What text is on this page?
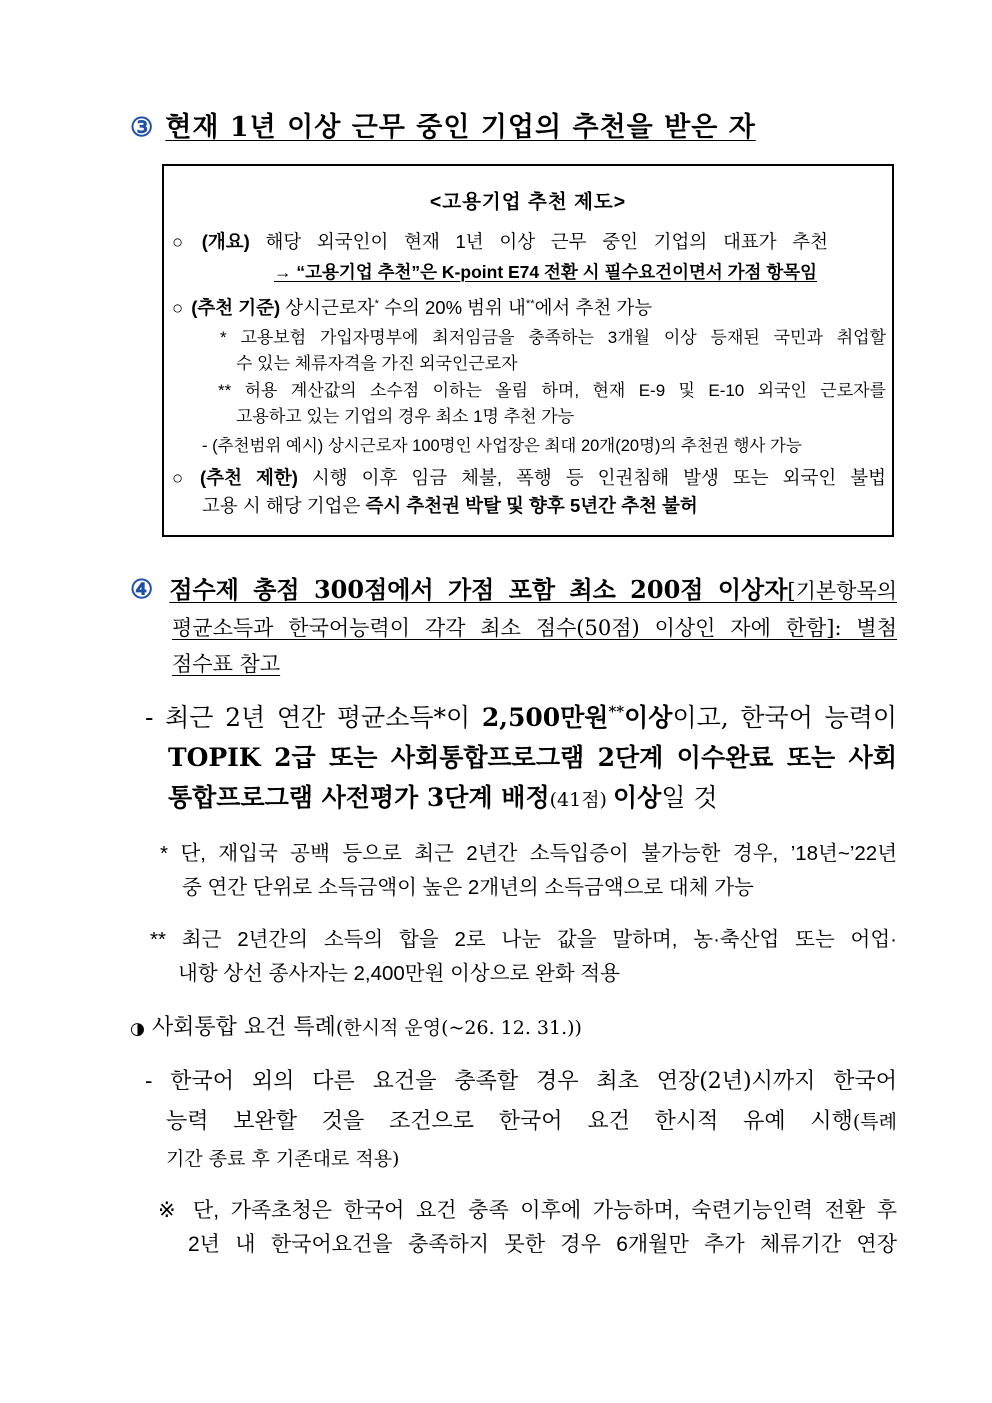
③ 현재 1년 이상 근무 중인 기업의 추천을 받은 자
<고용기업 추천 제도>
○ (개요) 해당 외국인이 현재 1년 이상 근무 중인 기업의 대표가 추천
→ “고용기업 추천”은 K-point E74 전환 시 필수요건이면서 가점 항목임
○ (추천 기준) 상시근로자* 수의 20% 범위 내**에서 추천 가능
* 고용보험 가입자명부에 최저임금을 충족하는 3개월 이상 등재된 국민과 취업할
수 있는 체류자격을 가진 외국인근로자
** 허용 계산값의 소수점 이하는 올림 하며, 현재 E-9 및 E-10 외국인 근로자를
고용하고 있는 기업의 경우 최소 1명 추천 가능
- (추천범위 예시) 상시근로자 100명인 사업장은 최대 20개(20명)의 추천권 행사 가능
○ (추천 제한) 시행 이후 임금 체불, 폭행 등 인권침해 발생 또는 외국인 불법
고용 시 해당 기업은 즉시 추천권 박탈 및 향후 5년간 추천 불허
④ 점수제 총점 300점에서 가점 포함 최소 200점 이상자[기본항목의
평균소득과 한국어능력이 각각 최소 점수(50점) 이상인 자에 한함]: 별첨
점수표 참고
- 최근 2년 연간 평균소득*이 2,500만원**이상이고, 한국어 능력이
TOPIK 2급 또는 사회통합프로그램 2단계 이수완료 또는 사회
통합프로그램 사전평가 3단계 배정(41점) 이상일 것
* 단, 재입국 공백 등으로 최근 2년간 소득입증이 불가능한 경우, ’18년~’22년
중 연간 단위로 소득금액이 높은 2개년의 소득금액으로 대체 가능
** 최근 2년간의 소득의 합을 2로 나눈 값을 말하며, 농·축산업 또는 어업·
내항 상선 종사자는 2,400만원 이상으로 완화 적용
◑ 사회통합 요건 특례(한시적 운영(~26. 12. 31.))
- 한국어 외의 다른 요건을 충족할 경우 최초 연장(2년)시까지 한국어
능력 보완할 것을 조건으로 한국어 요건 한시적 유예 시행(특례
기간 종료 후 기존대로 적용)
※ 단, 가족초청은 한국어 요건 충족 이후에 가능하며, 숙련기능인력 전환 후
2년 내 한국어요건을 충족하지 못한 경우 6개월만 추가 체류기간 연장
